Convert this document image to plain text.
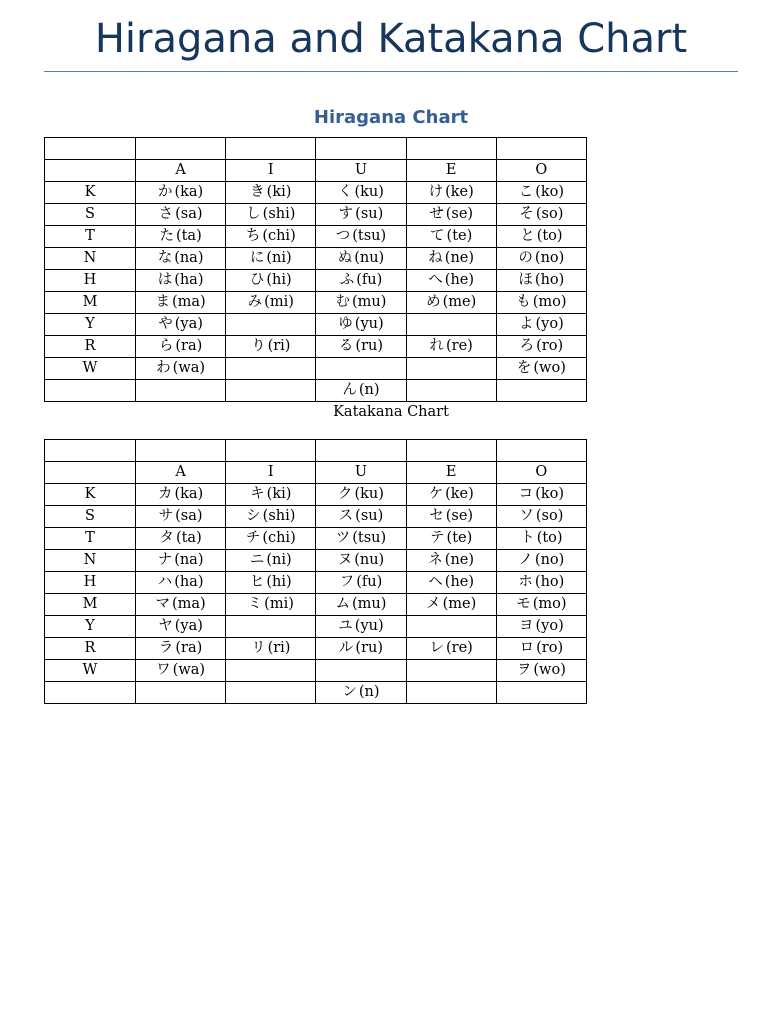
Hiragana and Katakana Chart
Hiragana Chart

	A	I	U	E	O
K	か (ka)	き (ki)	く (ku)	け (ke)	こ (ko)
S	さ (sa)	し (shi)	す (su)	せ (se)	そ (so)
T	た (ta)	ち (chi)	つ (tsu)	て (te)	と (to)
N	な (na)	に (ni)	ぬ (nu)	ね (ne)	の (no)
H	は (ha)	ひ (hi)	ふ (fu)	へ (he)	ほ (ho)
M	ま (ma)	み (mi)	む (mu)	め (me)	も (mo)
Y	や (ya)		ゆ (yu)		よ (yo)
R	ら (ra)	り (ri)	る (ru)	れ (re)	ろ (ro)
W	わ (wa)				を (wo)
			ん (n)		

Katakana Chart

	A	I	U	E	O
K	カ (ka)	キ (ki)	ク (ku)	ケ (ke)	コ (ko)
S	サ (sa)	シ (shi)	ス (su)	セ (se)	ソ (so)
T	タ (ta)	チ (chi)	ツ (tsu)	テ (te)	ト (to)
N	ナ (na)	ニ (ni)	ヌ (nu)	ネ (ne)	ノ (no)
H	ハ (ha)	ヒ (hi)	フ (fu)	ヘ (he)	ホ (ho)
M	マ (ma)	ミ (mi)	ム (mu)	メ (me)	モ (mo)
Y	ヤ (ya)		ユ (yu)		ヨ (yo)
R	ラ (ra)	リ (ri)	ル (ru)	レ (re)	ロ (ro)
W	ワ (wa)				ヲ (wo)
			ン (n)		
